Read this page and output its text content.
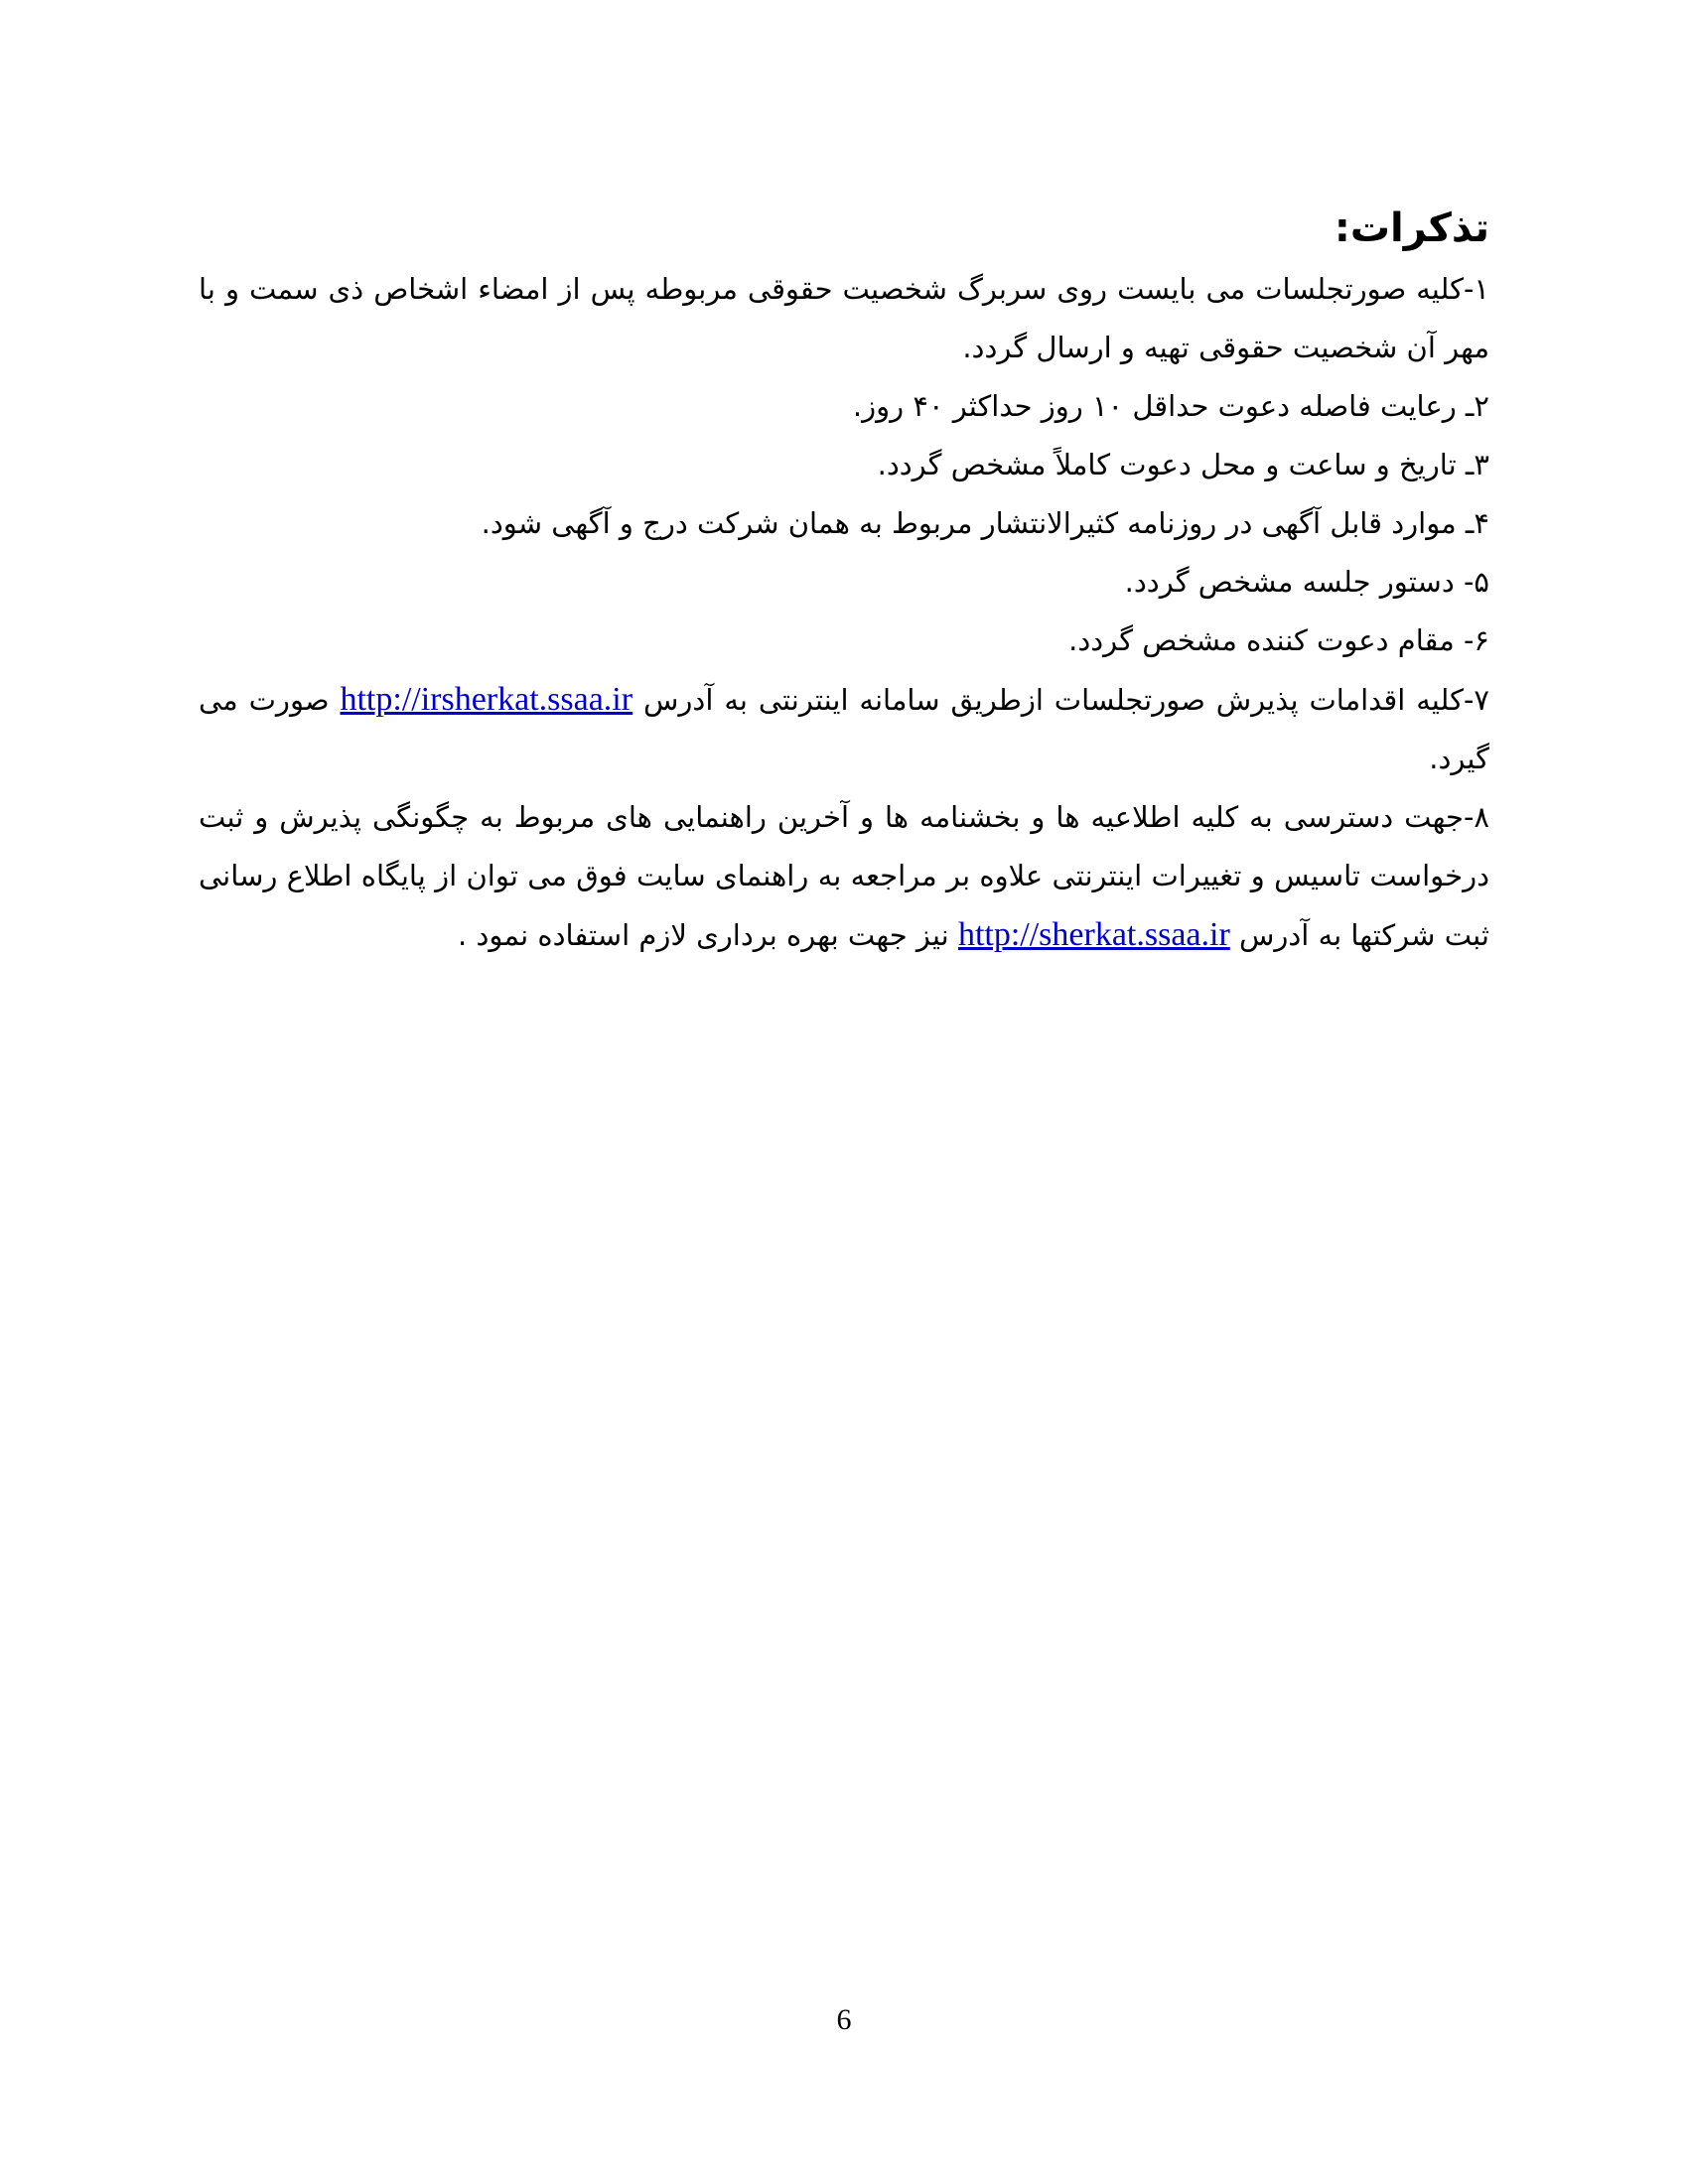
تذکرات:

۱-کلیه صورتجلسات می بایست روی سربرگ شخصیت حقوقی مربوطه پس از امضاء اشخاص ذی سمت و با مهر آن شخصیت حقوقی تهیه و ارسال گردد.

۲ـ رعایت فاصله دعوت حداقل ۱۰ روز حداکثر ۴۰ روز.

۳ـ تاریخ و ساعت و محل دعوت کاملاً مشخص گردد.

۴ـ موارد قابل آگهی در روزنامه کثیرالانتشار مربوط به همان شرکت درج و آگهی شود.

۵- دستور جلسه مشخص گردد.

۶- مقام دعوت کننده مشخص گردد.

۷-کلیه اقدامات پذیرش صورتجلسات ازطریق سامانه اینترنتی به آدرس http://irsherkat.ssaa.ir صورت می گیرد.

۸-جهت دسترسی به کلیه اطلاعیه ها و بخشنامه ها و آخرین راهنمایی های مربوط به چگونگی پذیرش و ثبت درخواست تاسیس و تغییرات اینترنتی علاوه بر مراجعه به راهنمای سایت فوق می توان از پایگاه اطلاع رسانی ثبت شرکتها به آدرس http://sherkat.ssaa.ir نیز جهت بهره برداری لازم استفاده نمود .

6
